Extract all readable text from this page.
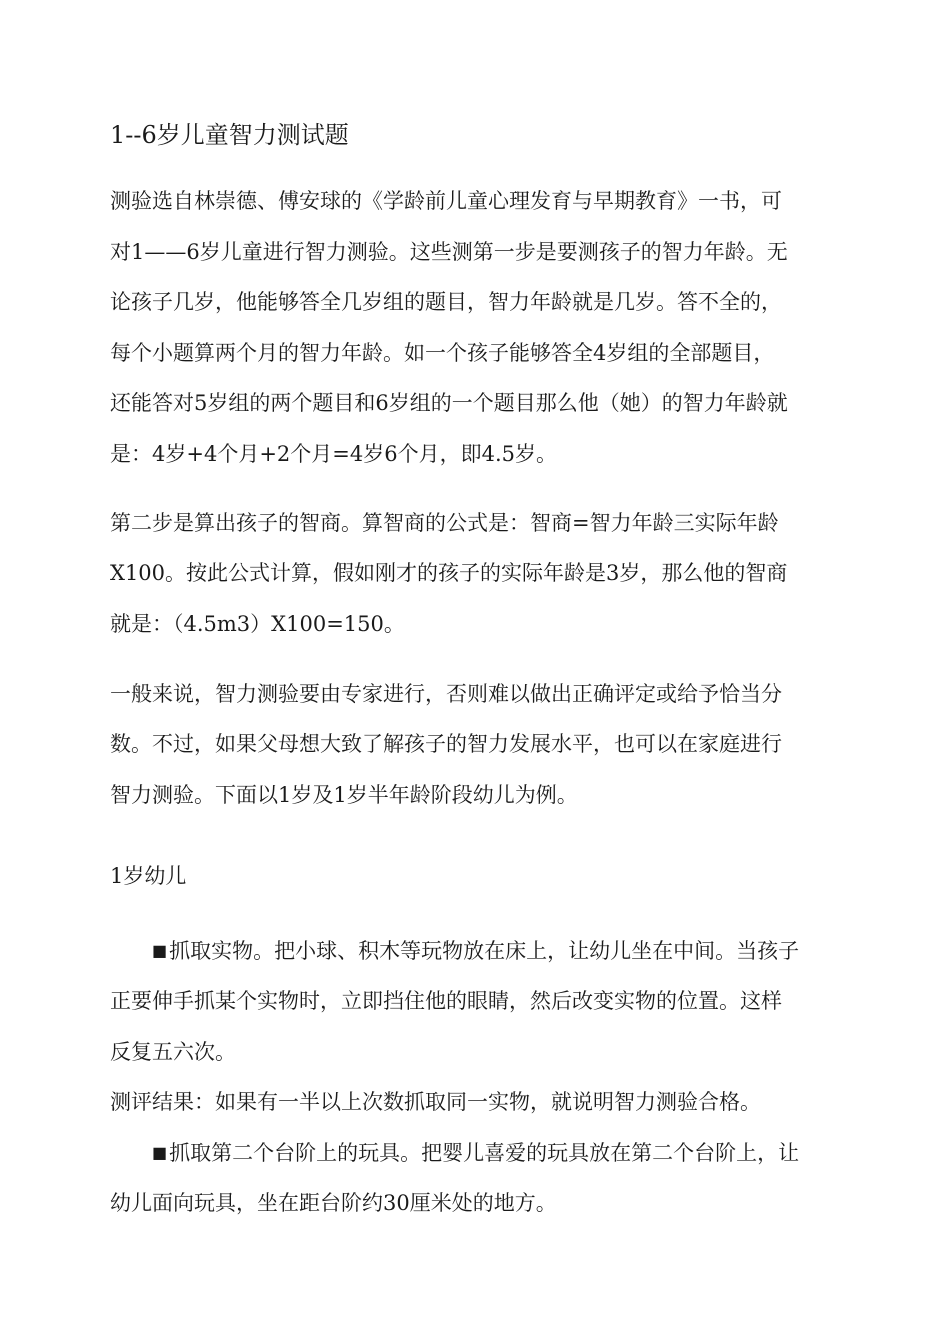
1--6岁儿童智力测试题
测验选自林崇德、傅安球的《学龄前儿童心理发育与早期教育》一书，可
对1——6岁儿童进行智力测验。这些测第一步是要测孩子的智力年龄。无
论孩子几岁，他能够答全几岁组的题目，智力年龄就是几岁。答不全的，
每个小题算两个月的智力年龄。如一个孩子能够答全4岁组的全部题目，
还能答对5岁组的两个题目和6岁组的一个题目那么他（她）的智力年龄就
是：4岁+4个月+2个月=4岁6个月，即4.5岁。
第二步是算出孩子的智商。算智商的公式是：智商=智力年龄三实际年龄
X100。按此公式计算，假如刚才的孩子的实际年龄是3岁，那么他的智商
就是：（4.5m3）X100=150。
一般来说，智力测验要由专家进行，否则难以做出正确评定或给予恰当分
数。不过，如果父母想大致了解孩子的智力发展水平，也可以在家庭进行
智力测验。下面以1岁及1岁半年龄阶段幼儿为例。
1岁幼儿
■抓取实物。把小球、积木等玩物放在床上，让幼儿坐在中间。当孩子
正要伸手抓某个实物时，立即挡住他的眼睛，然后改变实物的位置。这样
反复五六次。
测评结果：如果有一半以上次数抓取同一实物，就说明智力测验合格。
■抓取第二个台阶上的玩具。把婴儿喜爱的玩具放在第二个台阶上，让
幼儿面向玩具，坐在距台阶约30厘米处的地方。
